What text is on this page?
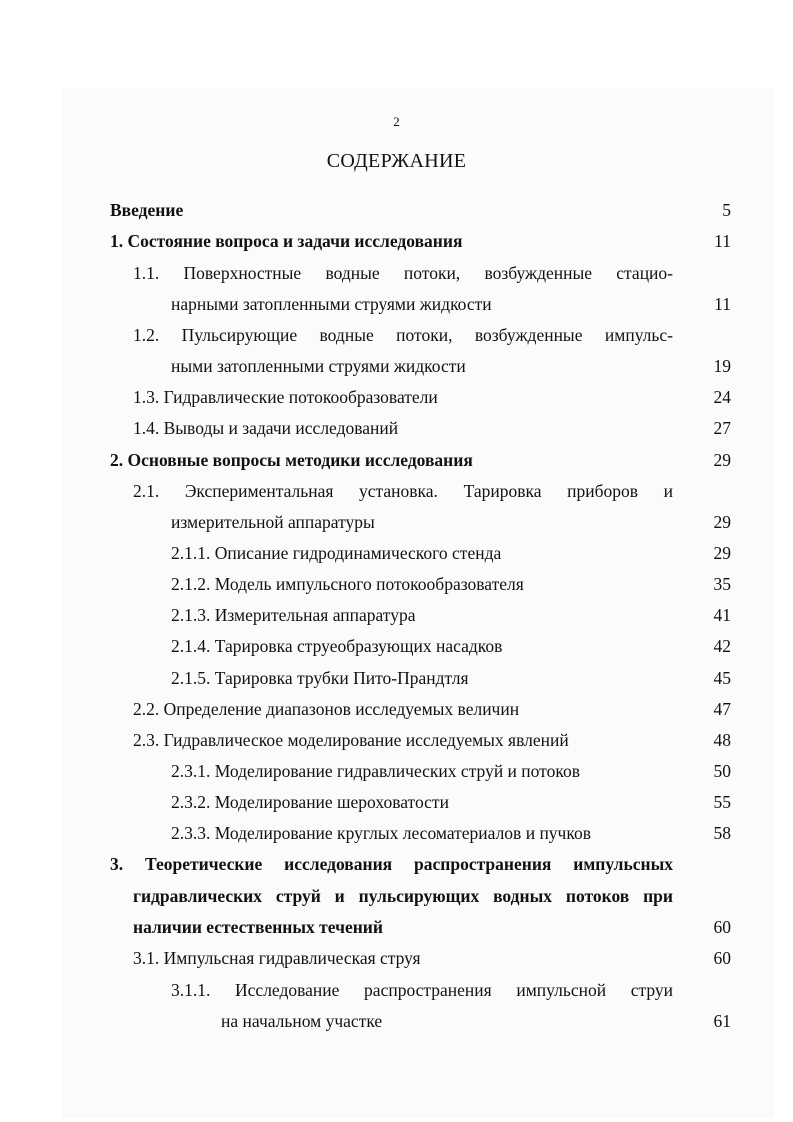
2
СОДЕРЖАНИЕ
Введение	5
1. Состояние вопроса и задачи исследования	11
1.1. Поверхностные водные потоки, возбужденные стацио-
нарными затопленными струями жидкости	11
1.2. Пульсирующие водные потоки, возбужденные импульс-
ными затопленными струями жидкости	19
1.3. Гидравлические потокообразователи	24
1.4. Выводы и задачи исследований	27
2. Основные вопросы методики исследования	29
2.1. Экспериментальная установка. Тарировка приборов и
измерительной аппаратуры	29
2.1.1. Описание гидродинамического стенда	29
2.1.2. Модель импульсного потокообразователя	35
2.1.3. Измерительная аппаратура	41
2.1.4. Тарировка струеобразующих насадков	42
2.1.5. Тарировка трубки Пито-Прандтля	45
2.2. Определение диапазонов исследуемых величин	47
2.3. Гидравлическое моделирование исследуемых явлений	48
2.3.1. Моделирование гидравлических струй и потоков	50
2.3.2. Моделирование шероховатости	55
2.3.3. Моделирование круглых лесоматериалов и пучков	58
3. Теоретические исследования распространения импульсных
гидравлических струй и пульсирующих водных потоков при
наличии естественных течений	60
3.1. Импульсная гидравлическая струя	60
3.1.1. Исследование распространения импульсной струи
на начальном участке	61
